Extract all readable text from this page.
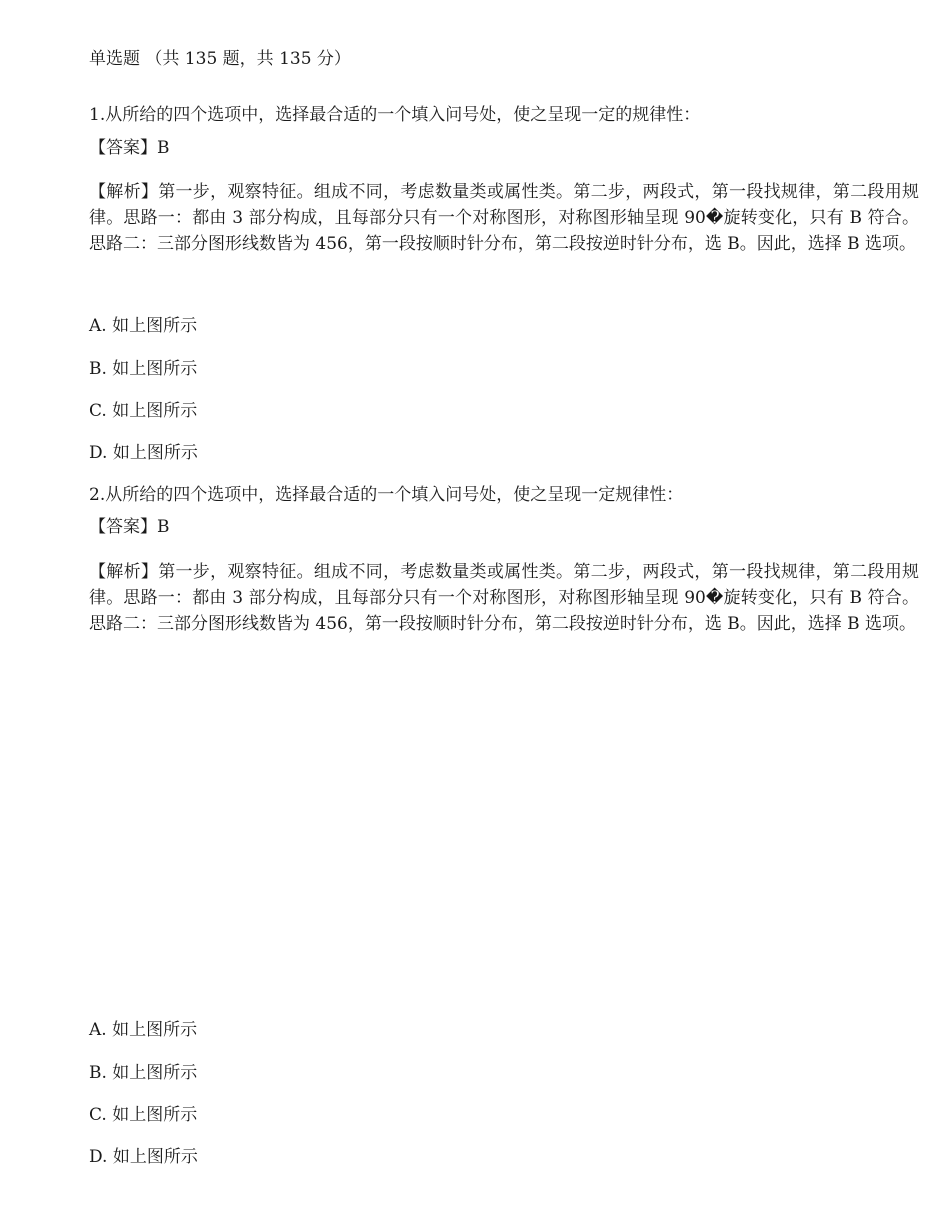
单选题 （共 135 题，共 135 分）
1.从所给的四个选项中，选择最合适的一个填入问号处，使之呈现一定的规律性：
【答案】B
【解析】第一步，观察特征。组成不同，考虑数量类或属性类。第二步，两段式，第一段找规律，第二段用规律。思路一：都由 3 部分构成，且每部分只有一个对称图形，对称图形轴呈现 90�旋转变化，只有 B 符合。思路二：三部分图形线数皆为 456，第一段按顺时针分布，第二段按逆时针分布，选 B。因此，选择 B 选项。
A. 如上图所示
B. 如上图所示
C. 如上图所示
D. 如上图所示
2.从所给的四个选项中，选择最合适的一个填入问号处，使之呈现一定规律性：
【答案】B
【解析】第一步，观察特征。组成不同，考虑数量类或属性类。第二步，两段式，第一段找规律，第二段用规律。思路一：都由 3 部分构成，且每部分只有一个对称图形，对称图形轴呈现 90�旋转变化，只有 B 符合。思路二：三部分图形线数皆为 456，第一段按顺时针分布，第二段按逆时针分布，选 B。因此，选择 B 选项。
A. 如上图所示
B. 如上图所示
C. 如上图所示
D. 如上图所示
